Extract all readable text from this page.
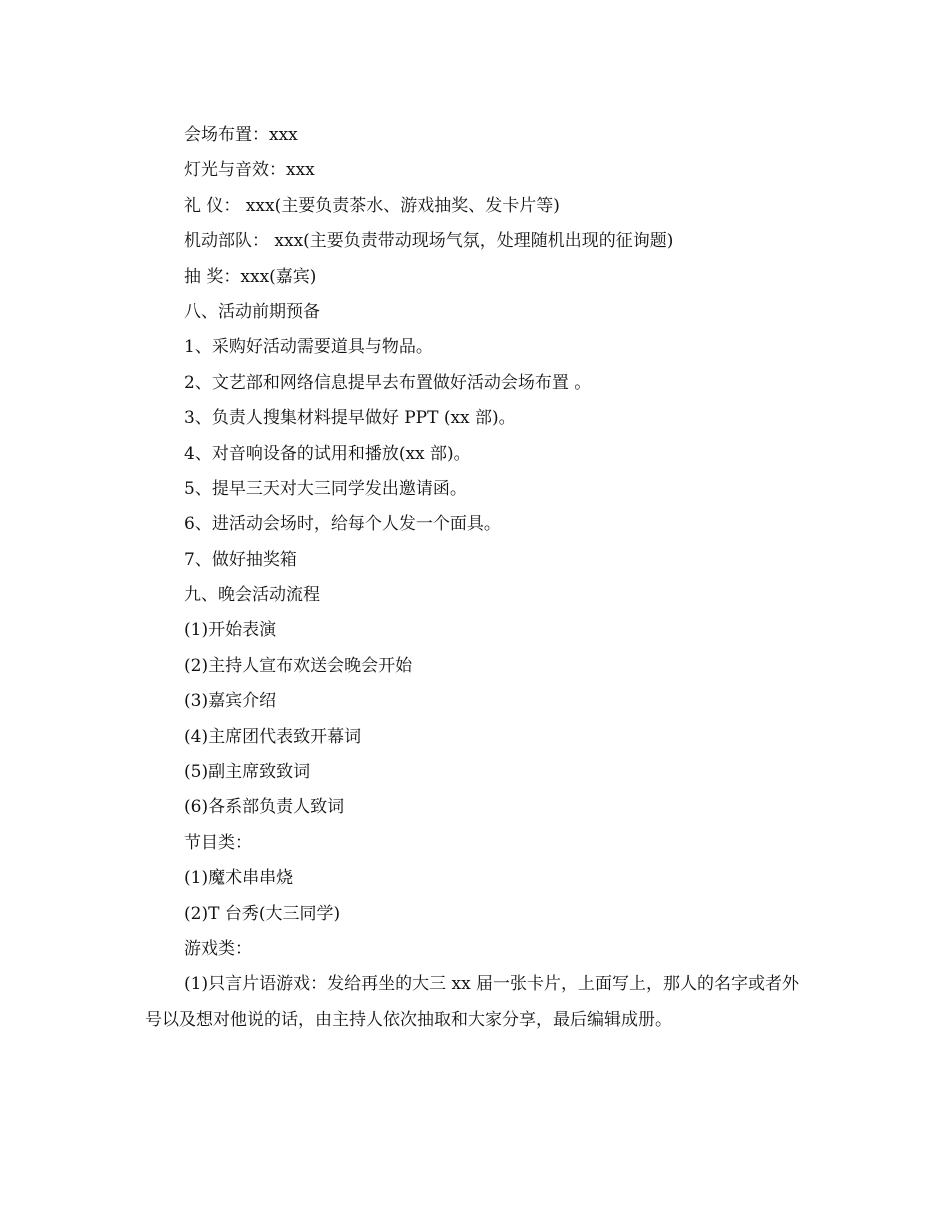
会场布置：xxx

灯光与音效：xxx

礼 仪： xxx(主要负责茶水、游戏抽奖、发卡片等)

机动部队： xxx(主要负责带动现场气氛，处理随机出现的征询题)

抽 奖：xxx(嘉宾)

八、活动前期预备

1、采购好活动需要道具与物品。

2、文艺部和网络信息提早去布置做好活动会场布置 。

3、负责人搜集材料提早做好 PPT (xx 部)。

4、对音响设备的试用和播放(xx 部)。

5、提早三天对大三同学发出邀请函。

6、进活动会场时，给每个人发一个面具。

7、做好抽奖箱

九、晚会活动流程

(1)开始表演

(2)主持人宣布欢送会晚会开始

(3)嘉宾介绍

(4)主席团代表致开幕词

(5)副主席致致词

(6)各系部负责人致词

节目类：

(1)魔术串串烧

(2)T 台秀(大三同学)

游戏类：

(1)只言片语游戏：发给再坐的大三 xx 届一张卡片，上面写上，那人的名字或者外号以及想对他说的话，由主持人依次抽取和大家分享，最后编辑成册。
